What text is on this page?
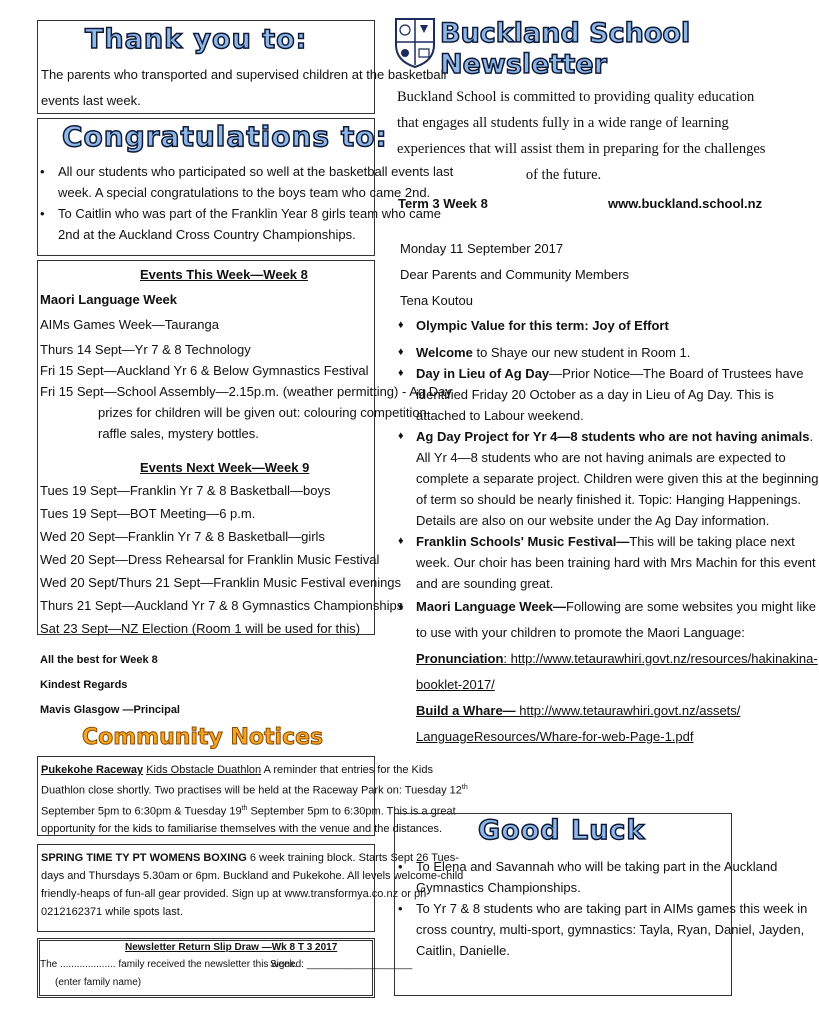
Thank you to:
The parents who transported and supervised children at the basketball
events last week.
Congratulations to:
• All our students who participated so well at the basketball events last
week. A special congratulations to the boys team who came 2nd.
• To Caitlin who was part of the Franklin Year 8 girls team who came
2nd at the Auckland Cross Country Championships.
Events This Week—Week 8
Maori Language Week
AIMs Games Week—Tauranga
Thurs 14 Sept—Yr 7 & 8 Technology
Fri 15 Sept—Auckland Yr 6 & Below Gymnastics Festival
Fri 15 Sept—School Assembly—2.15p.m. (weather permitting) - Ag Day
prizes for children will be given out: colouring competition,
raffle sales, mystery bottles.
Events Next Week—Week 9
Tues 19 Sept—Franklin Yr 7 & 8 Basketball—boys
Tues 19 Sept—BOT Meeting—6 p.m.
Wed 20 Sept—Franklin Yr 7 & 8 Basketball—girls
Wed 20 Sept—Dress Rehearsal for Franklin Music Festival
Wed 20 Sept/Thurs 21 Sept—Franklin Music Festival evenings
Thurs 21 Sept—Auckland Yr 7 & 8 Gymnastics Championships
Sat 23 Sept—NZ Election (Room 1 will be used for this)
All the best for Week 8
Kindest Regards
Mavis Glasgow —Principal
Community Notices
Pukekohe Raceway Kids Obstacle Duathlon A reminder that entries for the Kids
Duathlon close shortly. Two practises will be held at the Raceway Park on: Tuesday 12th
September 5pm to 6:30pm & Tuesday 19th September 5pm to 6:30pm. This is a great
opportunity for the kids to familiarise themselves with the venue and the distances.
SPRING TIME TY PT WOMENS BOXING 6 week training block. Starts Sept 26 Tues-
days and Thursdays 5.30am or 6pm. Buckland and Pukekohe. All levels welcome-child
friendly-heaps of fun-all gear provided. Sign up at www.transformya.co.nz or ph
0212162371 while spots last.
Newsletter Return Slip Draw —Wk 8 T 3 2017
The .................... family received the newsletter this week.
Signed: ___________________
(enter family name)
Buckland School Newsletter
Buckland School is committed to providing quality education
that engages all students fully in a wide range of learning
experiences that will assist them in preparing for the challenges
of the future.
Term 3 Week 8	www.buckland.school.nz
Monday 11 September 2017
Dear Parents and Community Members
Tena Koutou
♦ Olympic Value for this term: Joy of Effort
♦ Welcome to Shaye our new student in Room 1.
♦ Day in Lieu of Ag Day—Prior Notice—The Board of Trustees have
identified Friday 20 October as a day in Lieu of Ag Day. This is
attached to Labour weekend.
♦ Ag Day Project for Yr 4—8 students who are not having animals.
All Yr 4—8 students who are not having animals are expected to
complete a separate project. Children were given this at the beginning
of term so should be nearly finished it. Topic: Hanging Happenings.
Details are also on our website under the Ag Day information.
♦ Franklin Schools' Music Festival—This will be taking place next
week. Our choir has been training hard with Mrs Machin for this event
and are sounding great.
♦ Maori Language Week—Following are some websites you might like
to use with your children to promote the Maori Language:
Pronunciation: http://www.tetaurawhiri.govt.nz/resources/hakinakina-
booklet-2017/
Build a Whare— http://www.tetaurawhiri.govt.nz/assets/
LanguageResources/Whare-for-web-Page-1.pdf
Good Luck
• To Elena and Savannah who will be taking part in the Auckland
Gymnastics Championships.
• To Yr 7 & 8 students who are taking part in AIMs games this week in
cross country, multi-sport, gymnastics: Tayla, Ryan, Daniel, Jayden,
Caitlin, Danielle.
